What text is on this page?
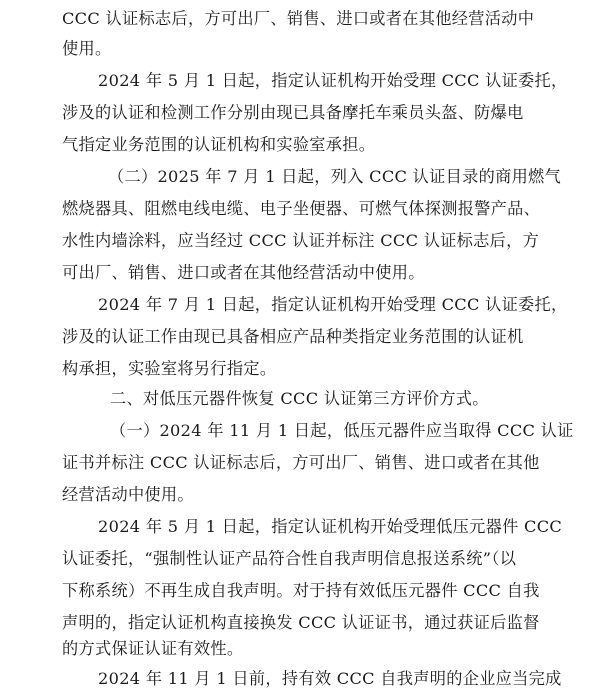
CCC 认证标志后，方可出厂、销售、进口或者在其他经营活动中
使用。
2024 年 5 月 1 日起，指定认证机构开始受理 CCC 认证委托，
涉及的认证和检测工作分别由现已具备摩托车乘员头盔、防爆电
气指定业务范围的认证机构和实验室承担。
（二）2025 年 7 月 1 日起，列入 CCC 认证目录的商用燃气
燃烧器具、阻燃电线电缆、电子坐便器、可燃气体探测报警产品、
水性内墙涂料，应当经过 CCC 认证并标注 CCC 认证标志后，方
可出厂、销售、进口或者在其他经营活动中使用。
2024 年 7 月 1 日起，指定认证机构开始受理 CCC 认证委托，
涉及的认证工作由现已具备相应产品种类指定业务范围的认证机
构承担，实验室将另行指定。
二、对低压元器件恢复 CCC 认证第三方评价方式。
（一）2024 年 11 月 1 日起，低压元器件应当取得 CCC 认证
证书并标注 CCC 认证标志后，方可出厂、销售、进口或者在其他
经营活动中使用。
2024 年 5 月 1 日起，指定认证机构开始受理低压元器件 CCC
认证委托，“强制性认证产品符合性自我声明信息报送系统”（以
下称系统）不再生成自我声明。对于持有效低压元器件 CCC 自我
声明的，指定认证机构直接换发 CCC 认证证书，通过获证后监督
的方式保证认证有效性。
2024 年 11 月 1 日前，持有效 CCC 自我声明的企业应当完成
